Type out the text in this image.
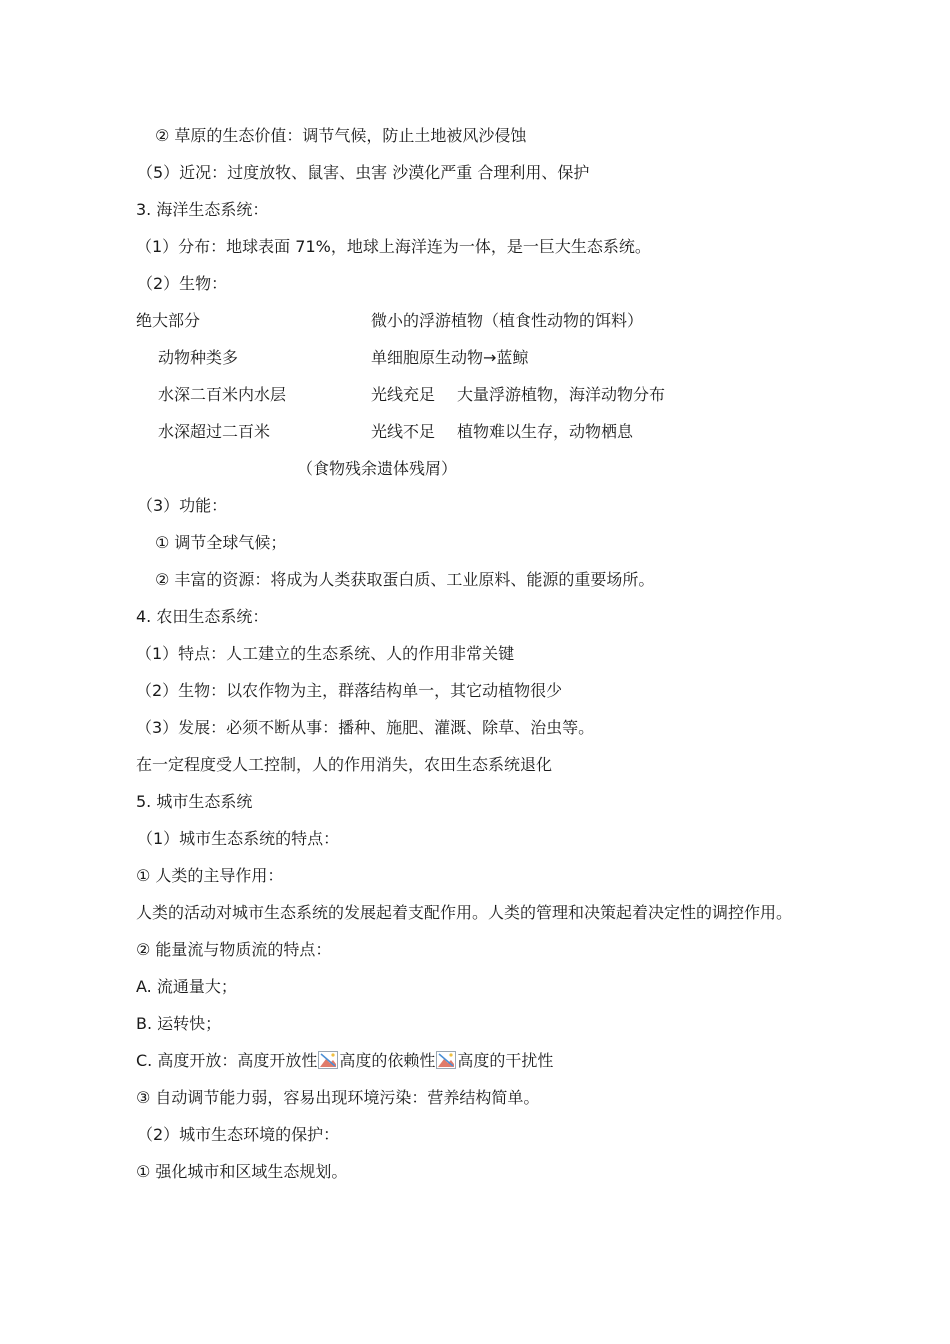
② 草原的生态价值：调节气候，防止土地被风沙侵蚀
（5）近况：过度放牧、鼠害、虫害 沙漠化严重 合理利用、保护
3. 海洋生态系统：
（1）分布：地球表面 71%，地球上海洋连为一体，是一巨大生态系统。
（2）生物：
绝大部分	微小的浮游植物（植食性动物的饵料）
动物种类多	单细胞原生动物→蓝鲸
水深二百米内水层	光线充足 大量浮游植物，海洋动物分布
水深超过二百米	光线不足 植物难以生存，动物栖息
（食物残余遗体残屑）
（3）功能：
① 调节全球气候；
② 丰富的资源：将成为人类获取蛋白质、工业原料、能源的重要场所。
4. 农田生态系统：
（1）特点：人工建立的生态系统、人的作用非常关键
（2）生物：以农作物为主，群落结构单一，其它动植物很少
（3）发展：必须不断从事：播种、施肥、灌溉、除草、治虫等。
在一定程度受人工控制，人的作用消失，农田生态系统退化
5. 城市生态系统
（1）城市生态系统的特点：
① 人类的主导作用：
人类的活动对城市生态系统的发展起着支配作用。人类的管理和决策起着决定性的调控作用。
② 能量流与物质流的特点：
A. 流通量大；
B. 运转快；
C. 高度开放：高度开放性 高度的依赖性 高度的干扰性
③ 自动调节能力弱，容易出现环境污染：营养结构简单。
（2）城市生态环境的保护：
① 强化城市和区域生态规划。
